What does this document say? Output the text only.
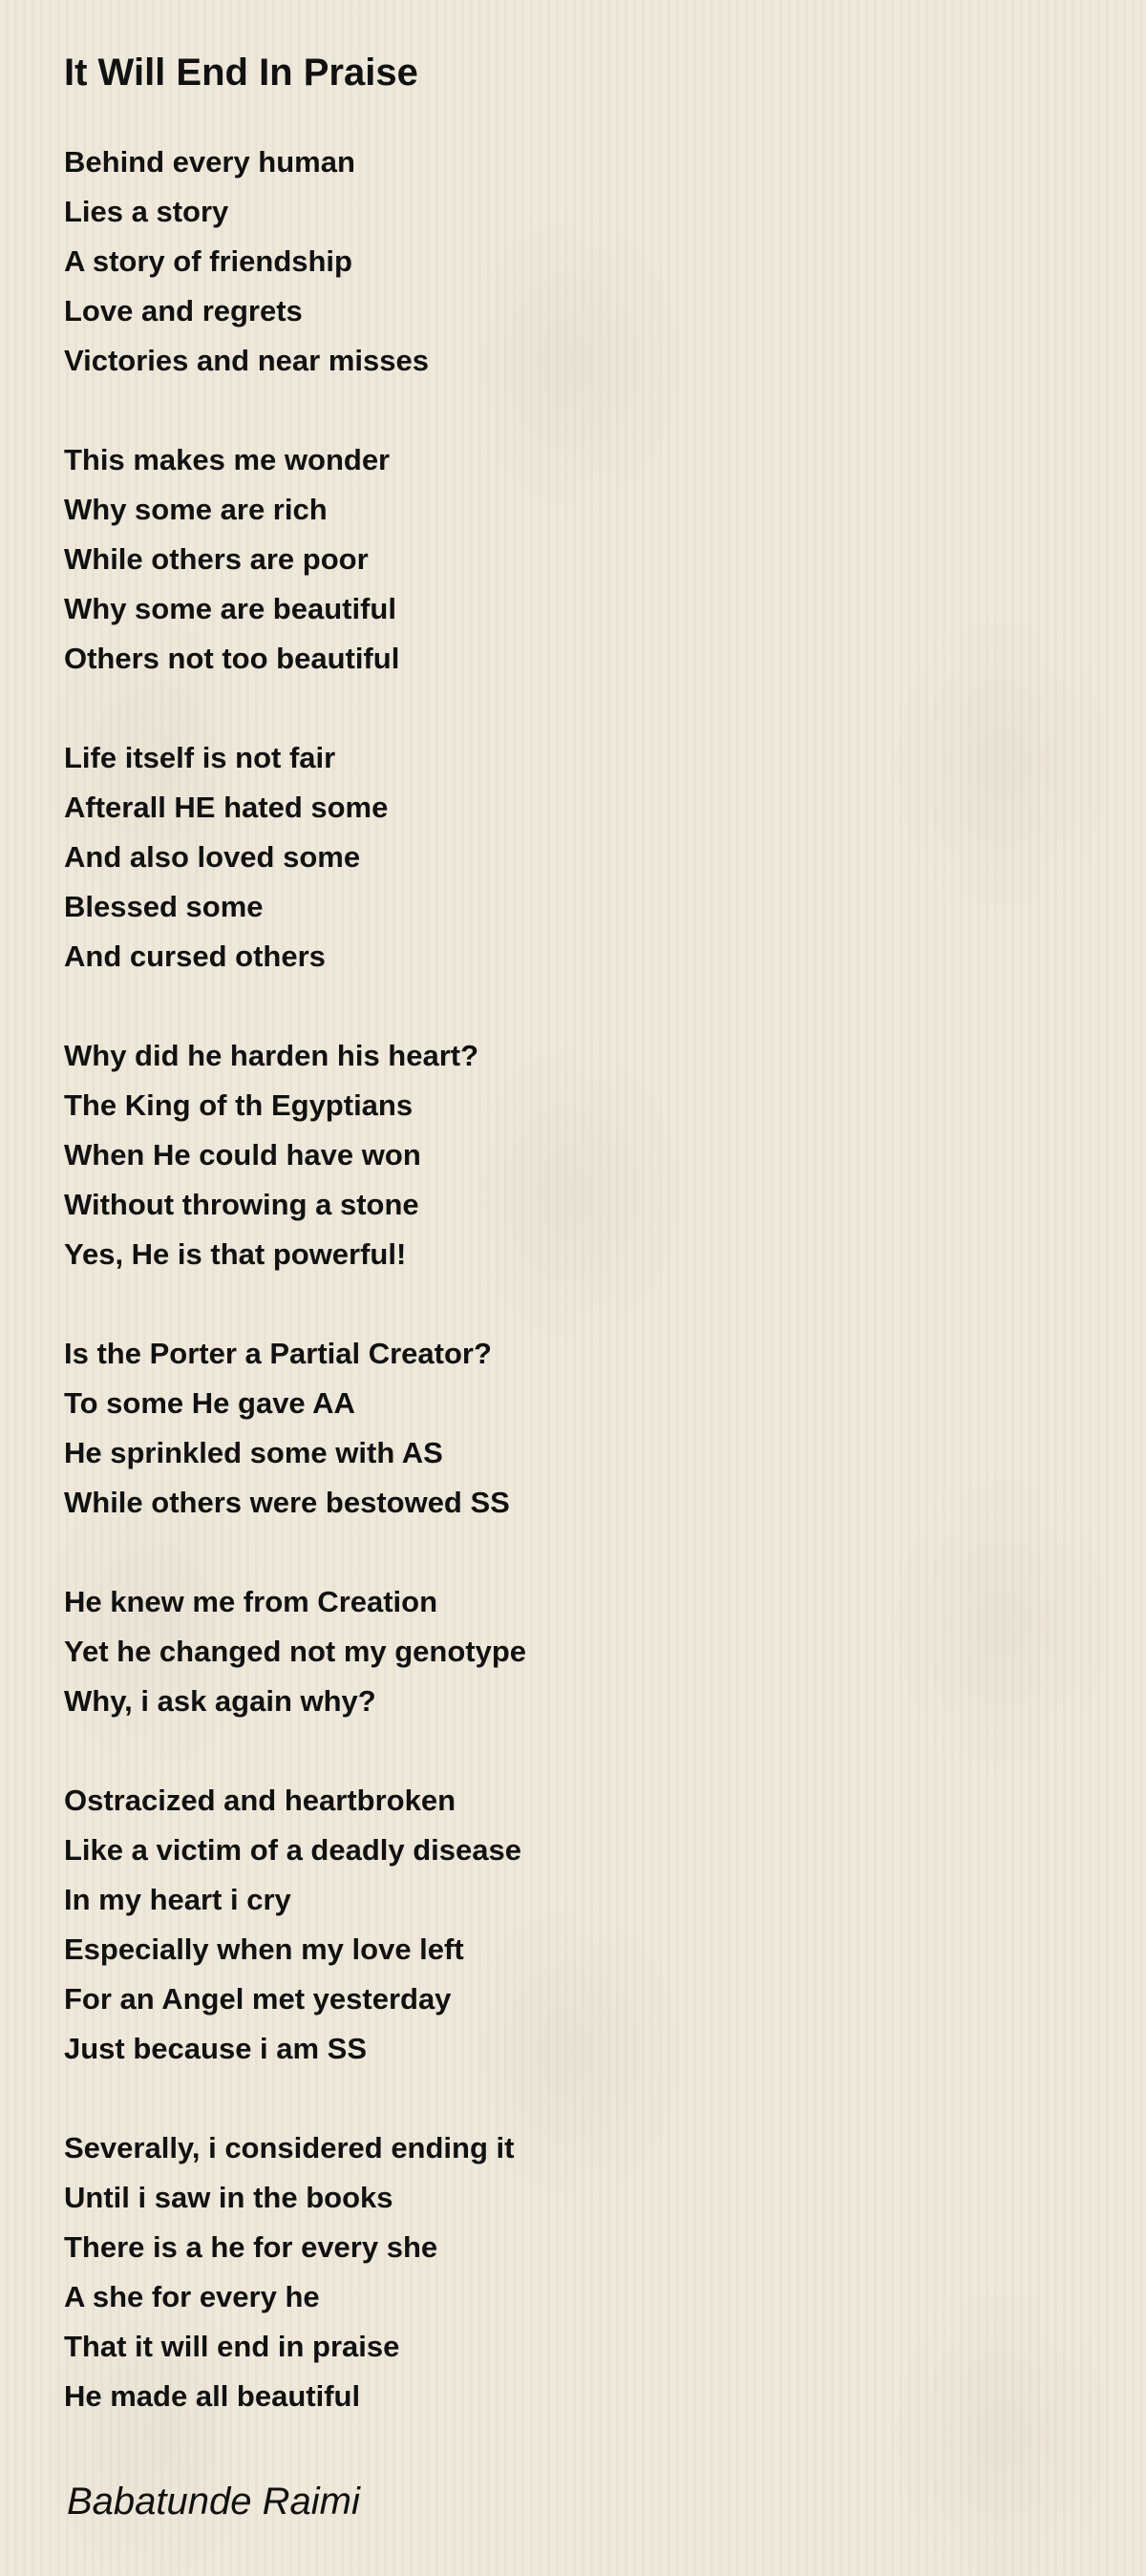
It Will End In Praise
Behind every human
Lies a story
A story of friendship
Love and regrets
Victories and near misses
This makes me wonder
Why some are rich
While others are poor
Why some are beautiful
Others not too beautiful
Life itself is not fair
Afterall HE hated some
And also loved some
Blessed some
And cursed others
Why did he harden his heart?
The King of th Egyptians
When He could have won
Without throwing a stone
Yes, He is that powerful!
Is the Porter a Partial Creator?
To some He gave AA
He sprinkled some with AS
While others were bestowed SS
He knew me from Creation
Yet he changed not my genotype
Why, i ask again why?
Ostracized and heartbroken
Like a victim of a deadly disease
In my heart i cry
Especially when my love left
For an Angel met yesterday
Just because i am SS
Severally, i considered ending it
Until i saw in the books
There is a he for every she
A she for every he
That it will end in praise
He made all beautiful
Babatunde Raimi
